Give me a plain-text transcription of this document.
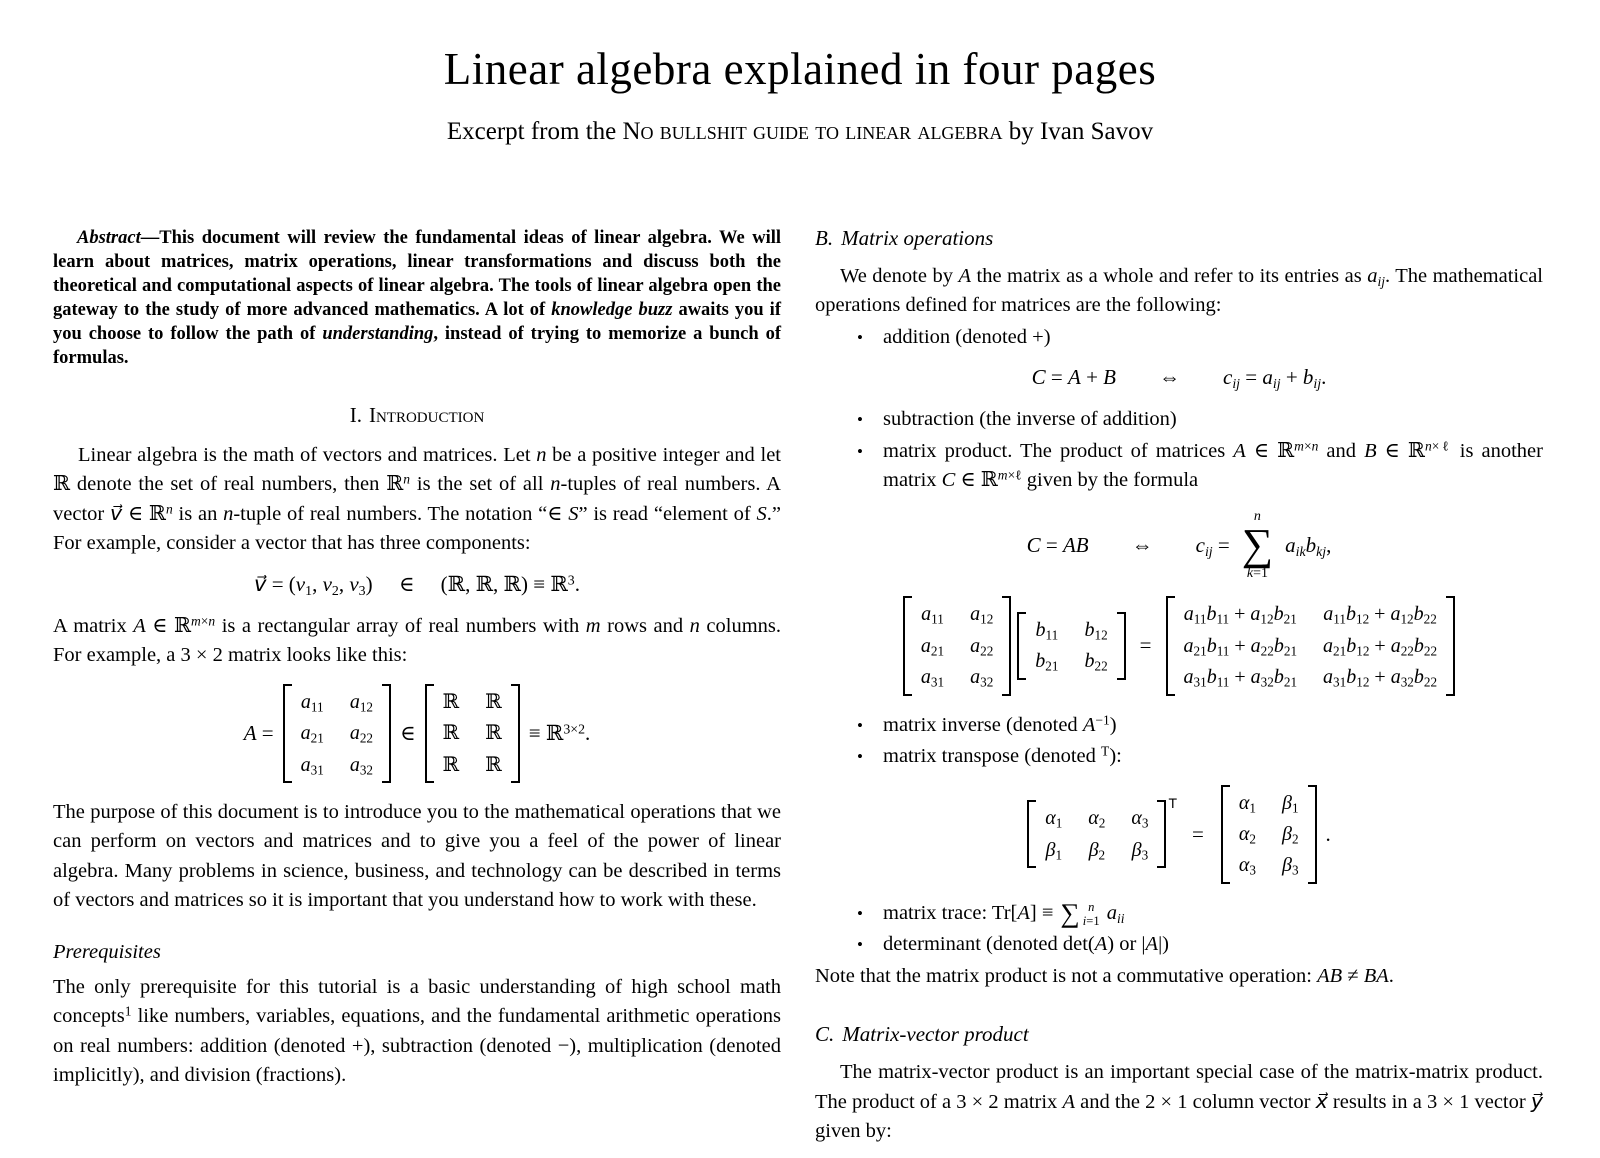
Linear algebra explained in four pages
Excerpt from the No bullshit guide to linear algebra by Ivan Savov

Abstract—This document will review the fundamental ideas of linear algebra. We will learn about matrices, matrix operations, linear transformations and discuss both the theoretical and computational aspects of linear algebra. The tools of linear algebra open the gateway to the study of more advanced mathematics. A lot of knowledge buzz awaits you if you choose to follow the path of understanding, instead of trying to memorize a bunch of formulas.

I. Introduction

Linear algebra is the math of vectors and matrices. Let n be a positive integer and let ℝ denote the set of real numbers, then ℝ$^n$ is the set of all n-tuples of real numbers. A vector v⃗ ∈ ℝ$^n$ is an n-tuple of real numbers. The notation “∈ S” is read “element of S.” For example, consider a vector that has three components:

v⃗ = ($v_1$, $v_2$, $v_3$)  ∈  (ℝ, ℝ, ℝ) ≡ ℝ$^3$.

A matrix A ∈ ℝ$^{m\times n}$ is a rectangular array of real numbers with m rows and n columns. For example, a 3 × 2 matrix looks like this:

A =
$a_{11}$ $a_{12}$
$a_{21}$ $a_{22}$
$a_{31}$ $a_{32}$
∈
ℝ ℝ
ℝ ℝ
ℝ ℝ
≡ ℝ$^{3\times 2}$.

The purpose of this document is to introduce you to the mathematical operations that we can perform on vectors and matrices and to give you a feel of the power of linear algebra. Many problems in science, business, and technology can be described in terms of vectors and matrices so it is important that you understand how to work with these.

Prerequisites

The only prerequisite for this tutorial is a basic understanding of high school math concepts$^1$ like numbers, variables, equations, and the fundamental arithmetic operations on real numbers: addition (denoted +), subtraction (denoted −), multiplication (denoted implicitly), and division (fractions).

B. Matrix operations

We denote by A the matrix as a whole and refer to its entries as $a_{ij}$. The mathematical operations defined for matrices are the following:

• addition (denoted +)
C = A + B ⇔ $c_{ij} = a_{ij} + b_{ij}$.
• subtraction (the inverse of addition)
• matrix product. The product of matrices A ∈ ℝ$^{m\times n}$ and B ∈ ℝ$^{n\times\ell}$ is another matrix C ∈ ℝ$^{m\times\ell}$ given by the formula
C = AB ⇔ $c_{ij}$ =
n
∑
k=1
$a_{ik}b_{kj}$,
$a_{11}$ $a_{12}$
$a_{21}$ $a_{22}$
$a_{31}$ $a_{32}$
$b_{11}$ $b_{12}$
$b_{21}$ $b_{22}$
=
$a_{11}b_{11} + a_{12}b_{21}$ $a_{11}b_{12} + a_{12}b_{22}$
$a_{21}b_{11} + a_{22}b_{21}$ $a_{21}b_{12} + a_{22}b_{22}$
$a_{31}b_{11} + a_{32}b_{21}$ $a_{31}b_{12} + a_{32}b_{22}$
• matrix inverse (denoted $A^{-1}$)
• matrix transpose (denoted $^T$):
$\alpha_1$ $\alpha_2$ $\alpha_3$
$\beta_1$ $\beta_2$ $\beta_3$
T
=
$\alpha_1$ $\beta_1$
$\alpha_2$ $\beta_2$
$\alpha_3$ $\beta_3$
.
• matrix trace: Tr[A] ≡ ∑ n
i=1 $a_{ii}$
• determinant (denoted det(A) or |A|)

Note that the matrix product is not a commutative operation: AB ≠ BA.

C. Matrix-vector product

The matrix-vector product is an important special case of the matrix-matrix product. The product of a 3 × 2 matrix A and the 2 × 1 column vector x⃗ results in a 3 × 1 vector y⃗ given by:
